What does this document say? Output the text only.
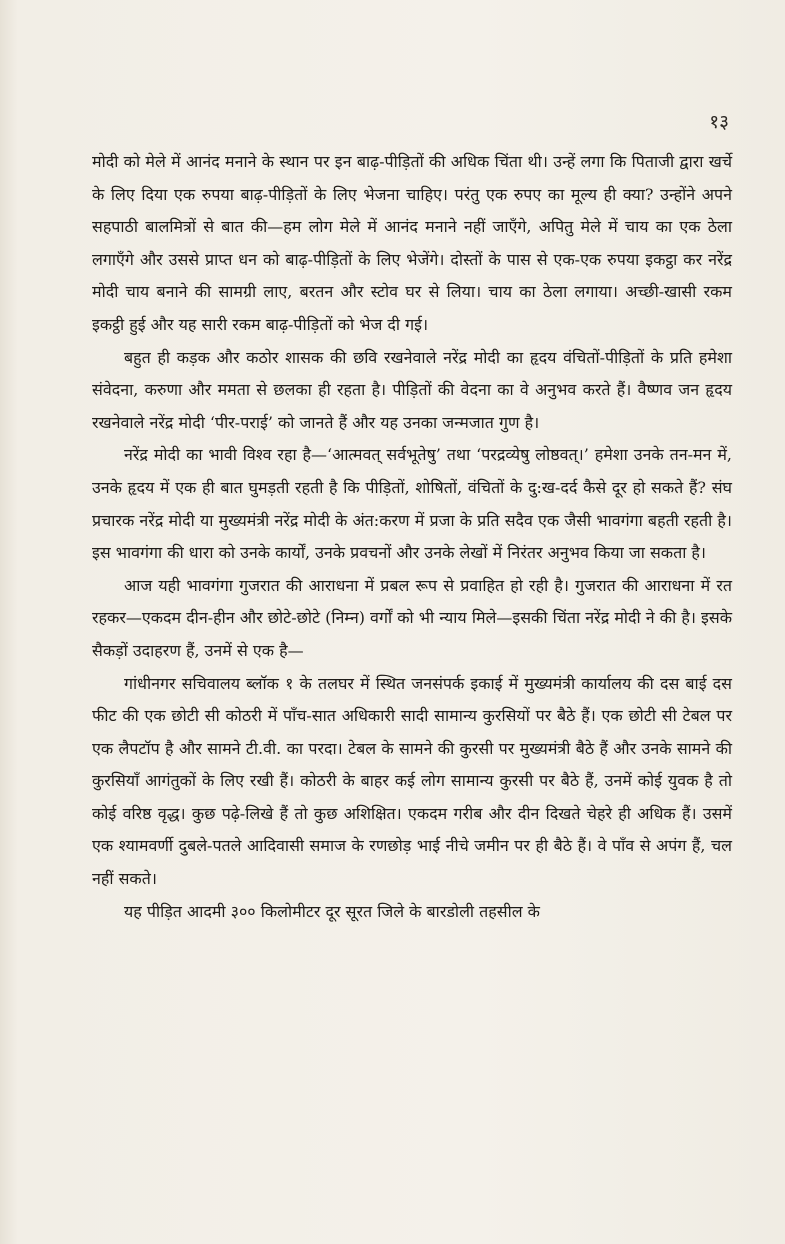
१३

मोदी को मेले में आनंद मनाने के स्थान पर इन बाढ़-पीड़ितों की अधिक चिंता थी। उन्हें लगा कि पिताजी द्वारा खर्चे के लिए दिया एक रुपया बाढ़-पीड़ितों के लिए भेजना चाहिए। परंतु एक रुपए का मूल्य ही क्या? उन्होंने अपने सहपाठी बालमित्रों से बात की—हम लोग मेले में आनंद मनाने नहीं जाएँगे, अपितु मेले में चाय का एक ठेला लगाएँगे और उससे प्राप्त धन को बाढ़-पीड़ितों के लिए भेजेंगे। दोस्तों के पास से एक-एक रुपया इकट्ठा कर नरेंद्र मोदी चाय बनाने की सामग्री लाए, बरतन और स्टोव घर से लिया। चाय का ठेला लगाया। अच्छी-खासी रकम इकट्ठी हुई और यह सारी रकम बाढ़-पीड़ितों को भेज दी गई।

बहुत ही कड़क और कठोर शासक की छवि रखनेवाले नरेंद्र मोदी का हृदय वंचितों-पीड़ितों के प्रति हमेशा संवेदना, करुणा और ममता से छलका ही रहता है। पीड़ितों की वेदना का वे अनुभव करते हैं। वैष्णव जन हृदय रखनेवाले नरेंद्र मोदी ‘पीर-पराई’ को जानते हैं और यह उनका जन्मजात गुण है।

नरेंद्र मोदी का भावी विश्व रहा है—‘आत्मवत् सर्वभूतेषु’ तथा ‘परद्रव्येषु लोष्ठवत्।’ हमेशा उनके तन-मन में, उनके हृदय में एक ही बात घुमड़ती रहती है कि पीड़ितों, शोषितों, वंचितों के दु:ख-दर्द कैसे दूर हो सकते हैं? संघ प्रचारक नरेंद्र मोदी या मुख्यमंत्री नरेंद्र मोदी के अंत:करण में प्रजा के प्रति सदैव एक जैसी भावगंगा बहती रहती है। इस भावगंगा की धारा को उनके कार्यों, उनके प्रवचनों और उनके लेखों में निरंतर अनुभव किया जा सकता है।

आज यही भावगंगा गुजरात की आराधना में प्रबल रूप से प्रवाहित हो रही है। गुजरात की आराधना में रत रहकर—एकदम दीन-हीन और छोटे-छोटे (निम्न) वर्गों को भी न्याय मिले—इसकी चिंता नरेंद्र मोदी ने की है। इसके सैकड़ों उदाहरण हैं, उनमें से एक है—

गांधीनगर सचिवालय ब्लॉक १ के तलघर में स्थित जनसंपर्क इकाई में मुख्यमंत्री कार्यालय की दस बाई दस फीट की एक छोटी सी कोठरी में पाँच-सात अधिकारी सादी सामान्य कुरसियों पर बैठे हैं। एक छोटी सी टेबल पर एक लैपटॉप है और सामने टी.वी. का परदा। टेबल के सामने की कुरसी पर मुख्यमंत्री बैठे हैं और उनके सामने की कुरसियाँ आगंतुकों के लिए रखी हैं। कोठरी के बाहर कई लोग सामान्य कुरसी पर बैठे हैं, उनमें कोई युवक है तो कोई वरिष्ठ वृद्ध। कुछ पढ़े-लिखे हैं तो कुछ अशिक्षित। एकदम गरीब और दीन दिखते चेहरे ही अधिक हैं। उसमें एक श्यामवर्णी दुबले-पतले आदिवासी समाज के रणछोड़ भाई नीचे जमीन पर ही बैठे हैं। वे पाँव से अपंग हैं, चल नहीं सकते।

यह पीड़ित आदमी ३०० किलोमीटर दूर सूरत जिले के बारडोली तहसील के
